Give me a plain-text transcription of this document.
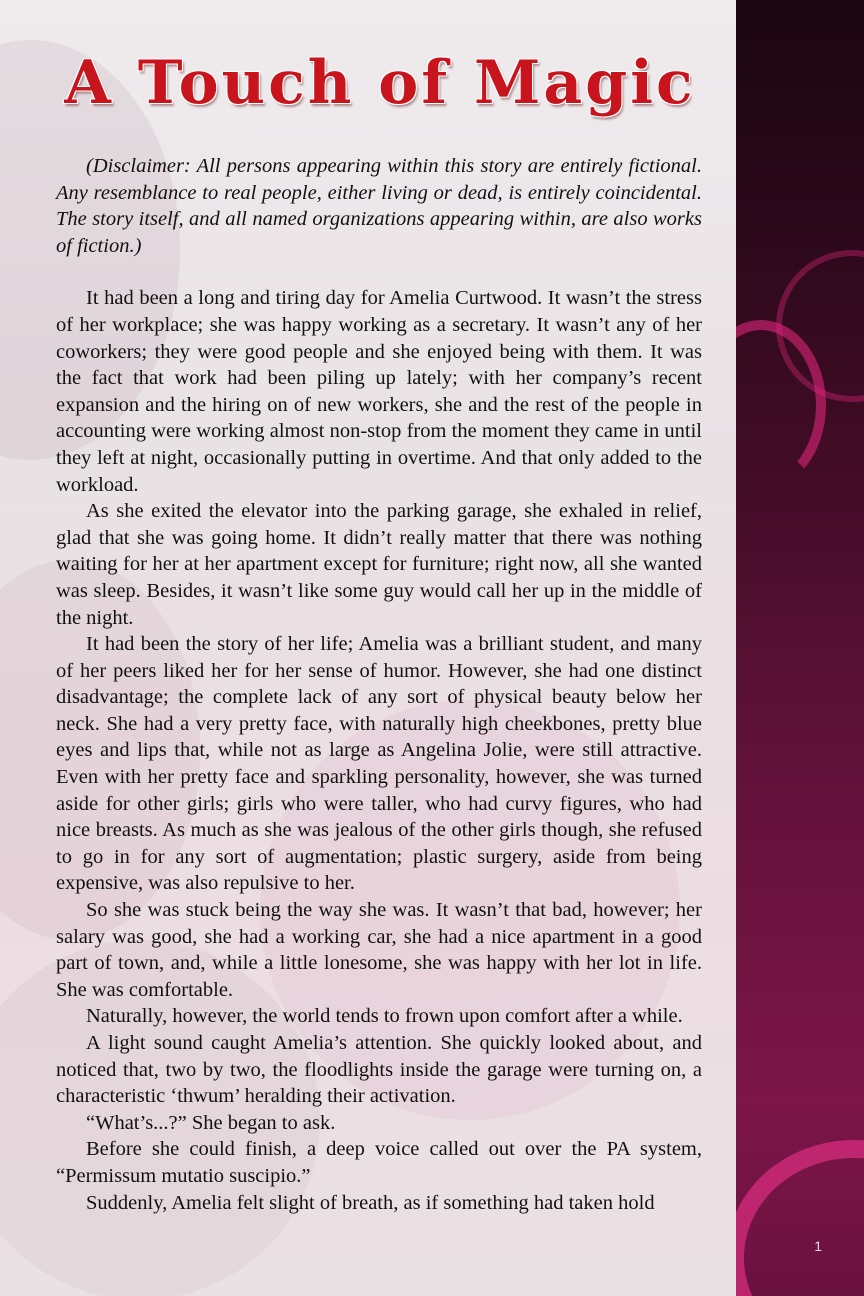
1
A Touch of Magic

(Disclaimer: All persons appearing within this story are entirely fictional. Any resemblance to real people, either living or dead, is entirely coincidental. The story itself, and all named organizations appearing within, are also works of fiction.)

It had been a long and tiring day for Amelia Curtwood. It wasn’t the stress of her workplace; she was happy working as a secretary. It wasn’t any of her coworkers; they were good people and she enjoyed being with them. It was the fact that work had been piling up lately; with her company’s recent expansion and the hiring on of new workers, she and the rest of the people in accounting were working almost non-stop from the moment they came in until they left at night, occasionally putting in overtime. And that only added to the workload.

As she exited the elevator into the parking garage, she exhaled in relief, glad that she was going home. It didn’t really matter that there was nothing waiting for her at her apartment except for furniture; right now, all she wanted was sleep. Besides, it wasn’t like some guy would call her up in the middle of the night.

It had been the story of her life; Amelia was a brilliant student, and many of her peers liked her for her sense of humor. However, she had one distinct disadvantage; the complete lack of any sort of physical beauty below her neck. She had a very pretty face, with naturally high cheekbones, pretty blue eyes and lips that, while not as large as Angelina Jolie, were still attractive. Even with her pretty face and sparkling personality, however, she was turned aside for other girls; girls who were taller, who had curvy figures, who had nice breasts. As much as she was jealous of the other girls though, she refused to go in for any sort of augmentation; plastic surgery, aside from being expensive, was also repulsive to her.

So she was stuck being the way she was. It wasn’t that bad, however; her salary was good, she had a working car, she had a nice apartment in a good part of town, and, while a little lonesome, she was happy with her lot in life. She was comfortable.

Naturally, however, the world tends to frown upon comfort after a while.

A light sound caught Amelia’s attention. She quickly looked about, and noticed that, two by two, the floodlights inside the garage were turning on, a characteristic ‘thwum’ heralding their activation.

“What’s...?” She began to ask.

Before she could finish, a deep voice called out over the PA system, “Permissum mutatio suscipio.”

Suddenly, Amelia felt slight of breath, as if something had taken hold
